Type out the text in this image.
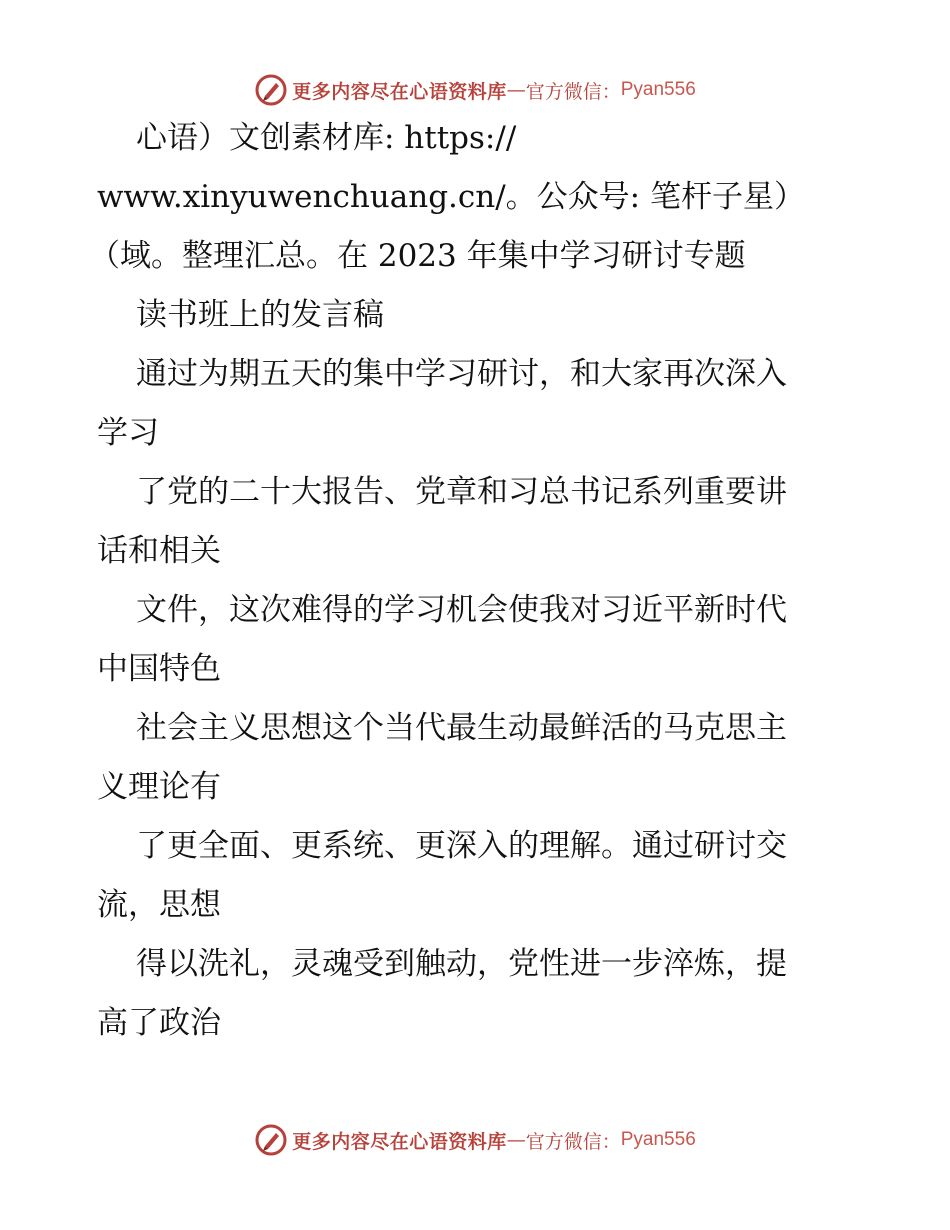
更多内容尽在心语资料库 — 官方微信： Pyan556
心语）文创素材库: https://
www.xinyuwenchuang.cn/。公众号: 笔杆子星）
（域。整理汇总。在 2023 年集中学习研讨专题
读书班上的发言稿
通过为期五天的集中学习研讨，和大家再次深入
学习
了党的二十大报告、党章和习总书记系列重要讲
话和相关
文件，这次难得的学习机会使我对习近平新时代
中国特色
社会主义思想这个当代最生动最鲜活的马克思主
义理论有
了更全面、更系统、更深入的理解。通过研讨交
流，思想
得以洗礼，灵魂受到触动，党性进一步淬炼，提
高了政治
更多内容尽在心语资料库 — 官方微信： Pyan556
